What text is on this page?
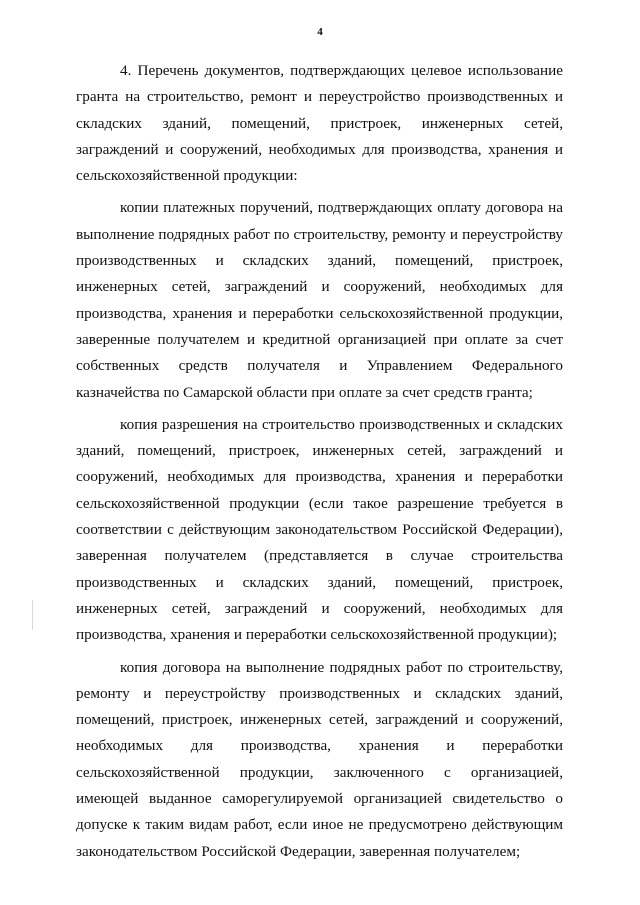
4

4. Перечень документов, подтверждающих целевое использование гранта на строительство, ремонт и переустройство производственных и складских зданий, помещений, пристроек, инженерных сетей, заграждений и сооружений, необходимых для производства, хранения и сельскохозяйственной продукции:

копии платежных поручений, подтверждающих оплату договора на выполнение подрядных работ по строительству, ремонту и переустройству производственных и складских зданий, помещений, пристроек, инженерных сетей, заграждений и сооружений, необходимых для производства, хранения и переработки сельскохозяйственной продукции, заверенные получателем и кредитной организацией при оплате за счет собственных средств получателя и Управлением Федерального казначейства по Самарской области при оплате за счет средств гранта;

копия разрешения на строительство производственных и складских зданий, помещений, пристроек, инженерных сетей, заграждений и сооружений, необходимых для производства, хранения и переработки сельскохозяйственной продукции (если такое разрешение требуется в соответствии с действующим законодательством Российской Федерации), заверенная получателем (представляется в случае строительства производственных и складских зданий, помещений, пристроек, инженерных сетей, заграждений и сооружений, необходимых для производства, хранения и переработки сельскохозяйственной продукции);

копия договора на выполнение подрядных работ по строительству, ремонту и переустройству производственных и складских зданий, помещений, пристроек, инженерных сетей, заграждений и сооружений, необходимых для производства, хранения и переработки сельскохозяйственной продукции, заключенного с организацией, имеющей выданное саморегулируемой организацией свидетельство о допуске к таким видам работ, если иное не предусмотрено действующим законодательством Российской Федерации, заверенная получателем;
